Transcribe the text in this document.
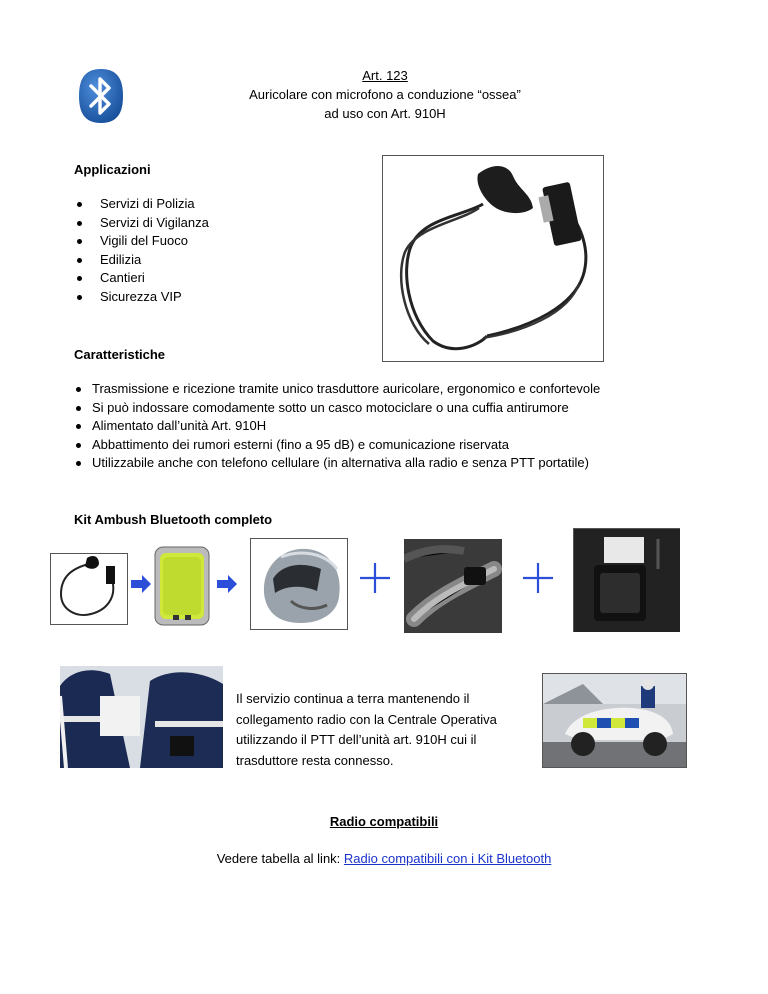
Art. 123
Auricolare con microfono a conduzione “ossea”
ad uso con Art. 910H
Applicazioni
Servizi di Polizia
Servizi di Vigilanza
Vigili del Fuoco
Edilizia
Cantieri
Sicurezza VIP
Caratteristiche
Trasmissione e ricezione tramite unico trasduttore auricolare, ergonomico e confortevole
Si può indossare comodamente sotto un casco motociclare o una cuffia antirumore
Alimentato dall’unità Art. 910H
Abbattimento dei rumori esterni (fino a 95 dB) e comunicazione riservata
Utilizzabile anche con telefono cellulare (in alternativa alla radio e senza PTT portatile)
Kit Ambush Bluetooth completo
Il servizio continua a terra mantenendo il
collegamento radio con la Centrale Operativa
utilizzando il PTT dell’unità art. 910H cui il
trasduttore resta connesso.
Radio compatibili
Vedere tabella al link: Radio compatibili con i Kit Bluetooth
